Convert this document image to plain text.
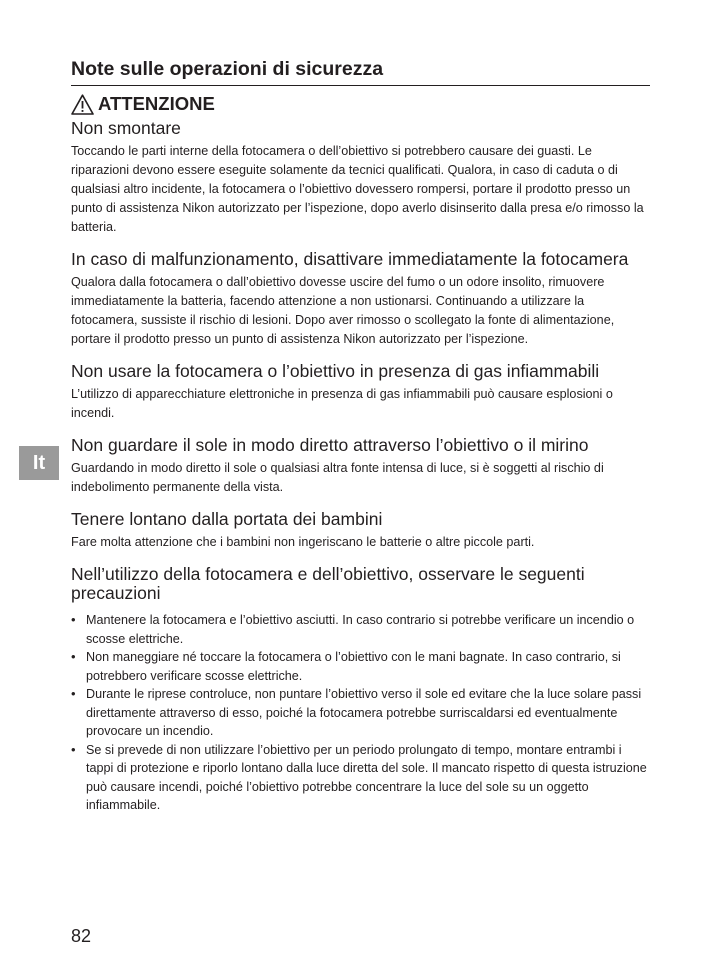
It
Note sulle operazioni di sicurezza
ATTENZIONE
Non smontare
Toccando le parti interne della fotocamera o dell’obiettivo si potrebbero causare dei guasti. Le riparazioni devono essere eseguite solamente da tecnici qualificati. Qualora, in caso di caduta o di qualsiasi altro incidente, la fotocamera o l’obiettivo dovessero rompersi, portare il prodotto presso un punto di assistenza Nikon autorizzato per l’ispezione, dopo averlo disinserito dalla presa e/o rimosso la batteria.
In caso di malfunzionamento, disattivare immediatamente la fotocamera
Qualora dalla fotocamera o dall’obiettivo dovesse uscire del fumo o un odore insolito, rimuovere immediatamente la batteria, facendo attenzione a non ustionarsi. Continuando a utilizzare la fotocamera, sussiste il rischio di lesioni. Dopo aver rimosso o scollegato la fonte di alimentazione, portare il prodotto presso un punto di assistenza Nikon autorizzato per l’ispezione.
Non usare la fotocamera o l’obiettivo in presenza di gas infiammabili
L’utilizzo di apparecchiature elettroniche in presenza di gas infiammabili può causare esplosioni o incendi.
Non guardare il sole in modo diretto attraverso l’obiettivo o il mirino
Guardando in modo diretto il sole o qualsiasi altra fonte intensa di luce, si è soggetti al rischio di indebolimento permanente della vista.
Tenere lontano dalla portata dei bambini
Fare molta attenzione che i bambini non ingeriscano le batterie o altre piccole parti.
Nell’utilizzo della fotocamera e dell’obiettivo, osservare le seguenti precauzioni
• Mantenere la fotocamera e l’obiettivo asciutti. In caso contrario si potrebbe verificare un incendio o scosse elettriche.
• Non maneggiare né toccare la fotocamera o l’obiettivo con le mani bagnate. In caso contrario, si potrebbero verificare scosse elettriche.
• Durante le riprese controluce, non puntare l’obiettivo verso il sole ed evitare che la luce solare passi direttamente attraverso di esso, poiché la fotocamera potrebbe surriscaldarsi ed eventualmente provocare un incendio.
• Se si prevede di non utilizzare l’obiettivo per un periodo prolungato di tempo, montare entrambi i tappi di protezione e riporlo lontano dalla luce diretta del sole. Il mancato rispetto di questa istruzione può causare incendi, poiché l’obiettivo potrebbe concentrare la luce del sole su un oggetto infiammabile.
82
